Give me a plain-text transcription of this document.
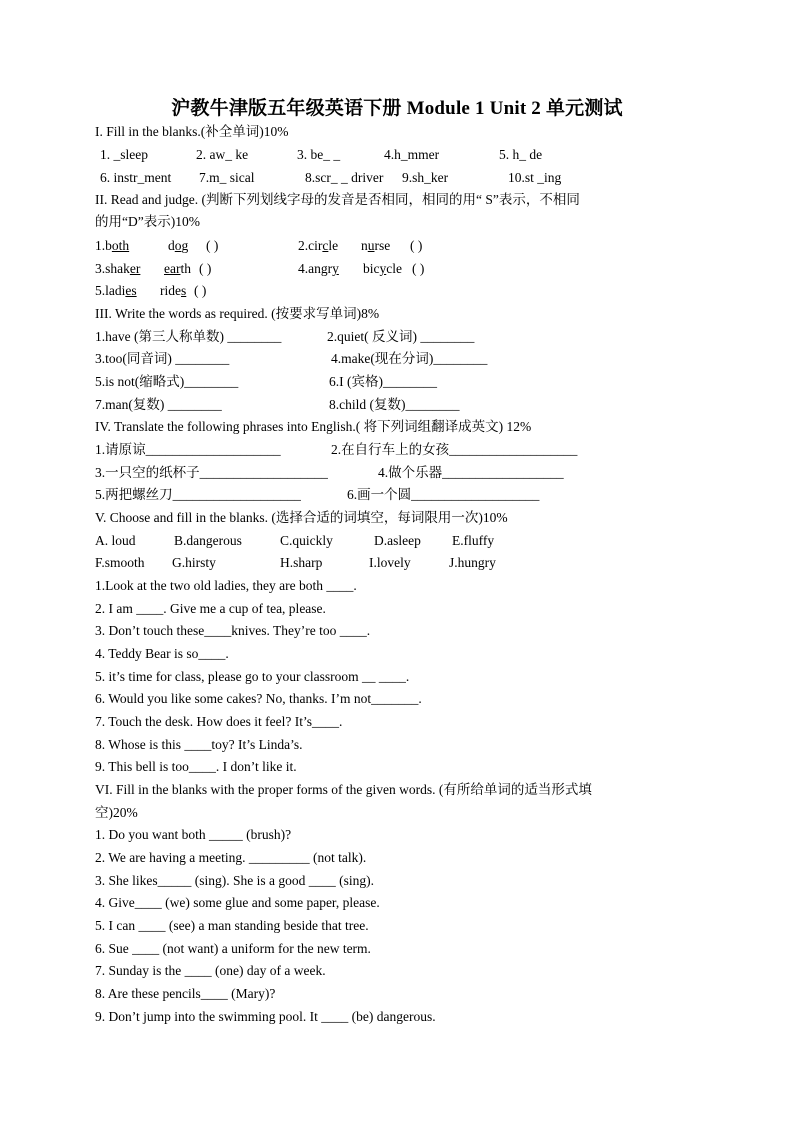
沪教牛津版五年级英语下册 Module 1 Unit 2 单元测试
I. Fill in the blanks.(补全单词)10%
1. _sleep	2. aw_ ke	3. be_ _	4.h_mmer	5. h_ de
6. instr_ment 7.m_ sical	8.scr_ _ driver 9.sh_ker	10.st _ing
II. Read and judge. (判断下列划线字母的发音是否相同，相同的用“ S”表示，不相同
的用“D”表示)10%
1.both	dog ( )	2.circle nurse ( )
3.shaker earth ( )	4.angry bicycle ( )
5.ladies rides ( )
III. Write the words as required. (按要求写单词)8%
1.have (第三人称单数) ________	2.quiet( 反义词) ________
3.too(同音词) ________	4.make(现在分词)________
5.is not(缩略式)________	6.I (宾格)________
7.man(复数) ________	8.child (复数)________
IV. Translate the following phrases into English.( 将下列词组翻译成英文) 12%
1.请原谅____________________	2.在自行车上的女孩___________________
3.一只空的纸杯子___________________	4.做个乐器__________________
5.两把螺丝刀___________________	6.画一个圆___________________
V. Choose and fill in the blanks. (选择合适的词填空，每词限用一次)10%
A. loud	B.dangerous	C.quickly	D.asleep E.fluffy
F.smooth G.hirsty	H.sharp	I.lovely	J.hungry
1.Look at the two old ladies, they are both ____.
2. I am ____. Give me a cup of tea, please.
3. Don’t touch these____knives. They’re too ____.
4. Teddy Bear is so____.
5. it’s time for class, please go to your classroom __ ____.
6. Would you like some cakes? No, thanks. I’m not_______.
7. Touch the desk. How does it feel? It’s____.
8. Whose is this ____toy? It’s Linda’s.
9. This bell is too____. I don’t like it.
VI. Fill in the blanks with the proper forms of the given words. (有所给单词的适当形式填
空)20%
1. Do you want both _____ (brush)?
2. We are having a meeting. _________ (not talk).
3. She likes_____ (sing). She is a good ____ (sing).
4. Give____ (we) some glue and some paper, please.
5. I can ____ (see) a man standing beside that tree.
6. Sue ____ (not want) a uniform for the new term.
7. Sunday is the ____ (one) day of a week.
8. Are these pencils____ (Mary)?
9. Don’t jump into the swimming pool. It ____ (be) dangerous.
